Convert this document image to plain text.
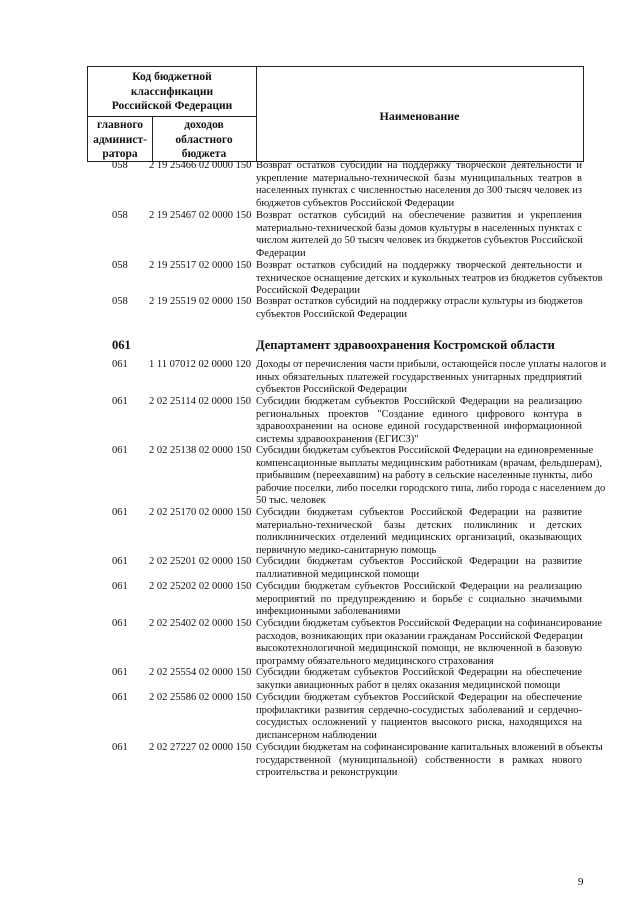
Код бюджетной
классификации
Российской Федерации
главного
админист-
ратора
доходов
областного
бюджета
Наименование
058 2 19 25466 02 0000 150 Возврат остатков субсидий на поддержку творческой деятельности и
укрепление материально-технической базы муниципальных театров в
населенных пунктах с численностью населения до 300 тысяч человек из
бюджетов субъектов Российской Федерации
058 2 19 25467 02 0000 150 Возврат остатков субсидий на обеспечение развития и укрепления
материально-технической базы домов культуры в населенных пунктах с
числом жителей до 50 тысяч человек из бюджетов субъектов Российской
Федерации
058 2 19 25517 02 0000 150 Возврат остатков субсидий на поддержку творческой деятельности и
техническое оснащение детских и кукольных театров из бюджетов субъектов
Российской Федерации
058 2 19 25519 02 0000 150 Возврат остатков субсидий на поддержку отрасли культуры из бюджетов
субъектов Российской Федерации
061	Департамент здравоохранения Костромской области
061 1 11 07012 02 0000 120 Доходы от перечисления части прибыли, остающейся после уплаты налогов и
иных обязательных платежей государственных унитарных предприятий
субъектов Российской Федерации
061 2 02 25114 02 0000 150 Субсидии бюджетам субъектов Российской Федерации на реализацию
региональных проектов "Создание единого цифрового контура в
здравоохранении на основе единой государственной информационной
системы здравоохранения (ЕГИСЗ)"
061 2 02 25138 02 0000 150 Субсидии бюджетам субъектов Российской Федерации на единовременные
компенсационные выплаты медицинским работникам (врачам, фельдшерам),
прибывшим (переехавшим) на работу в сельские населенные пункты, либо
рабочие поселки, либо поселки городского типа, либо города с населением до
50 тыс. человек
061 2 02 25170 02 0000 150 Субсидии бюджетам субъектов Российской Федерации на развитие
материально-технической базы детских поликлиник и детских
поликлинических отделений медицинских организаций, оказывающих
первичную медико-санитарную помощь
061 2 02 25201 02 0000 150 Субсидии бюджетам субъектов Российской Федерации на развитие
паллиативной медицинской помощи
061 2 02 25202 02 0000 150 Субсидии бюджетам субъектов Российской Федерации на реализацию
мероприятий по предупреждению и борьбе с социально значимыми
инфекционными заболеваниями
061 2 02 25402 02 0000 150 Субсидии бюджетам субъектов Российской Федерации на софинансирование
расходов, возникающих при оказании гражданам Российской Федерации
высокотехнологичной медицинской помощи, не включенной в базовую
программу обязательного медицинского страхования
061 2 02 25554 02 0000 150 Субсидии бюджетам субъектов Российской Федерации на обеспечение
закупки авиационных работ в целях оказания медицинской помощи
061 2 02 25586 02 0000 150 Субсидии бюджетам субъектов Российской Федерации на обеспечение
профилактики развития сердечно-сосудистых заболеваний и сердечно-
сосудистых осложнений у пациентов высокого риска, находящихся на
диспансерном наблюдении
061 2 02 27227 02 0000 150 Субсидии бюджетам на софинансирование капитальных вложений в объекты
государственной (муниципальной) собственности в рамках нового
строительства и реконструкции
9
